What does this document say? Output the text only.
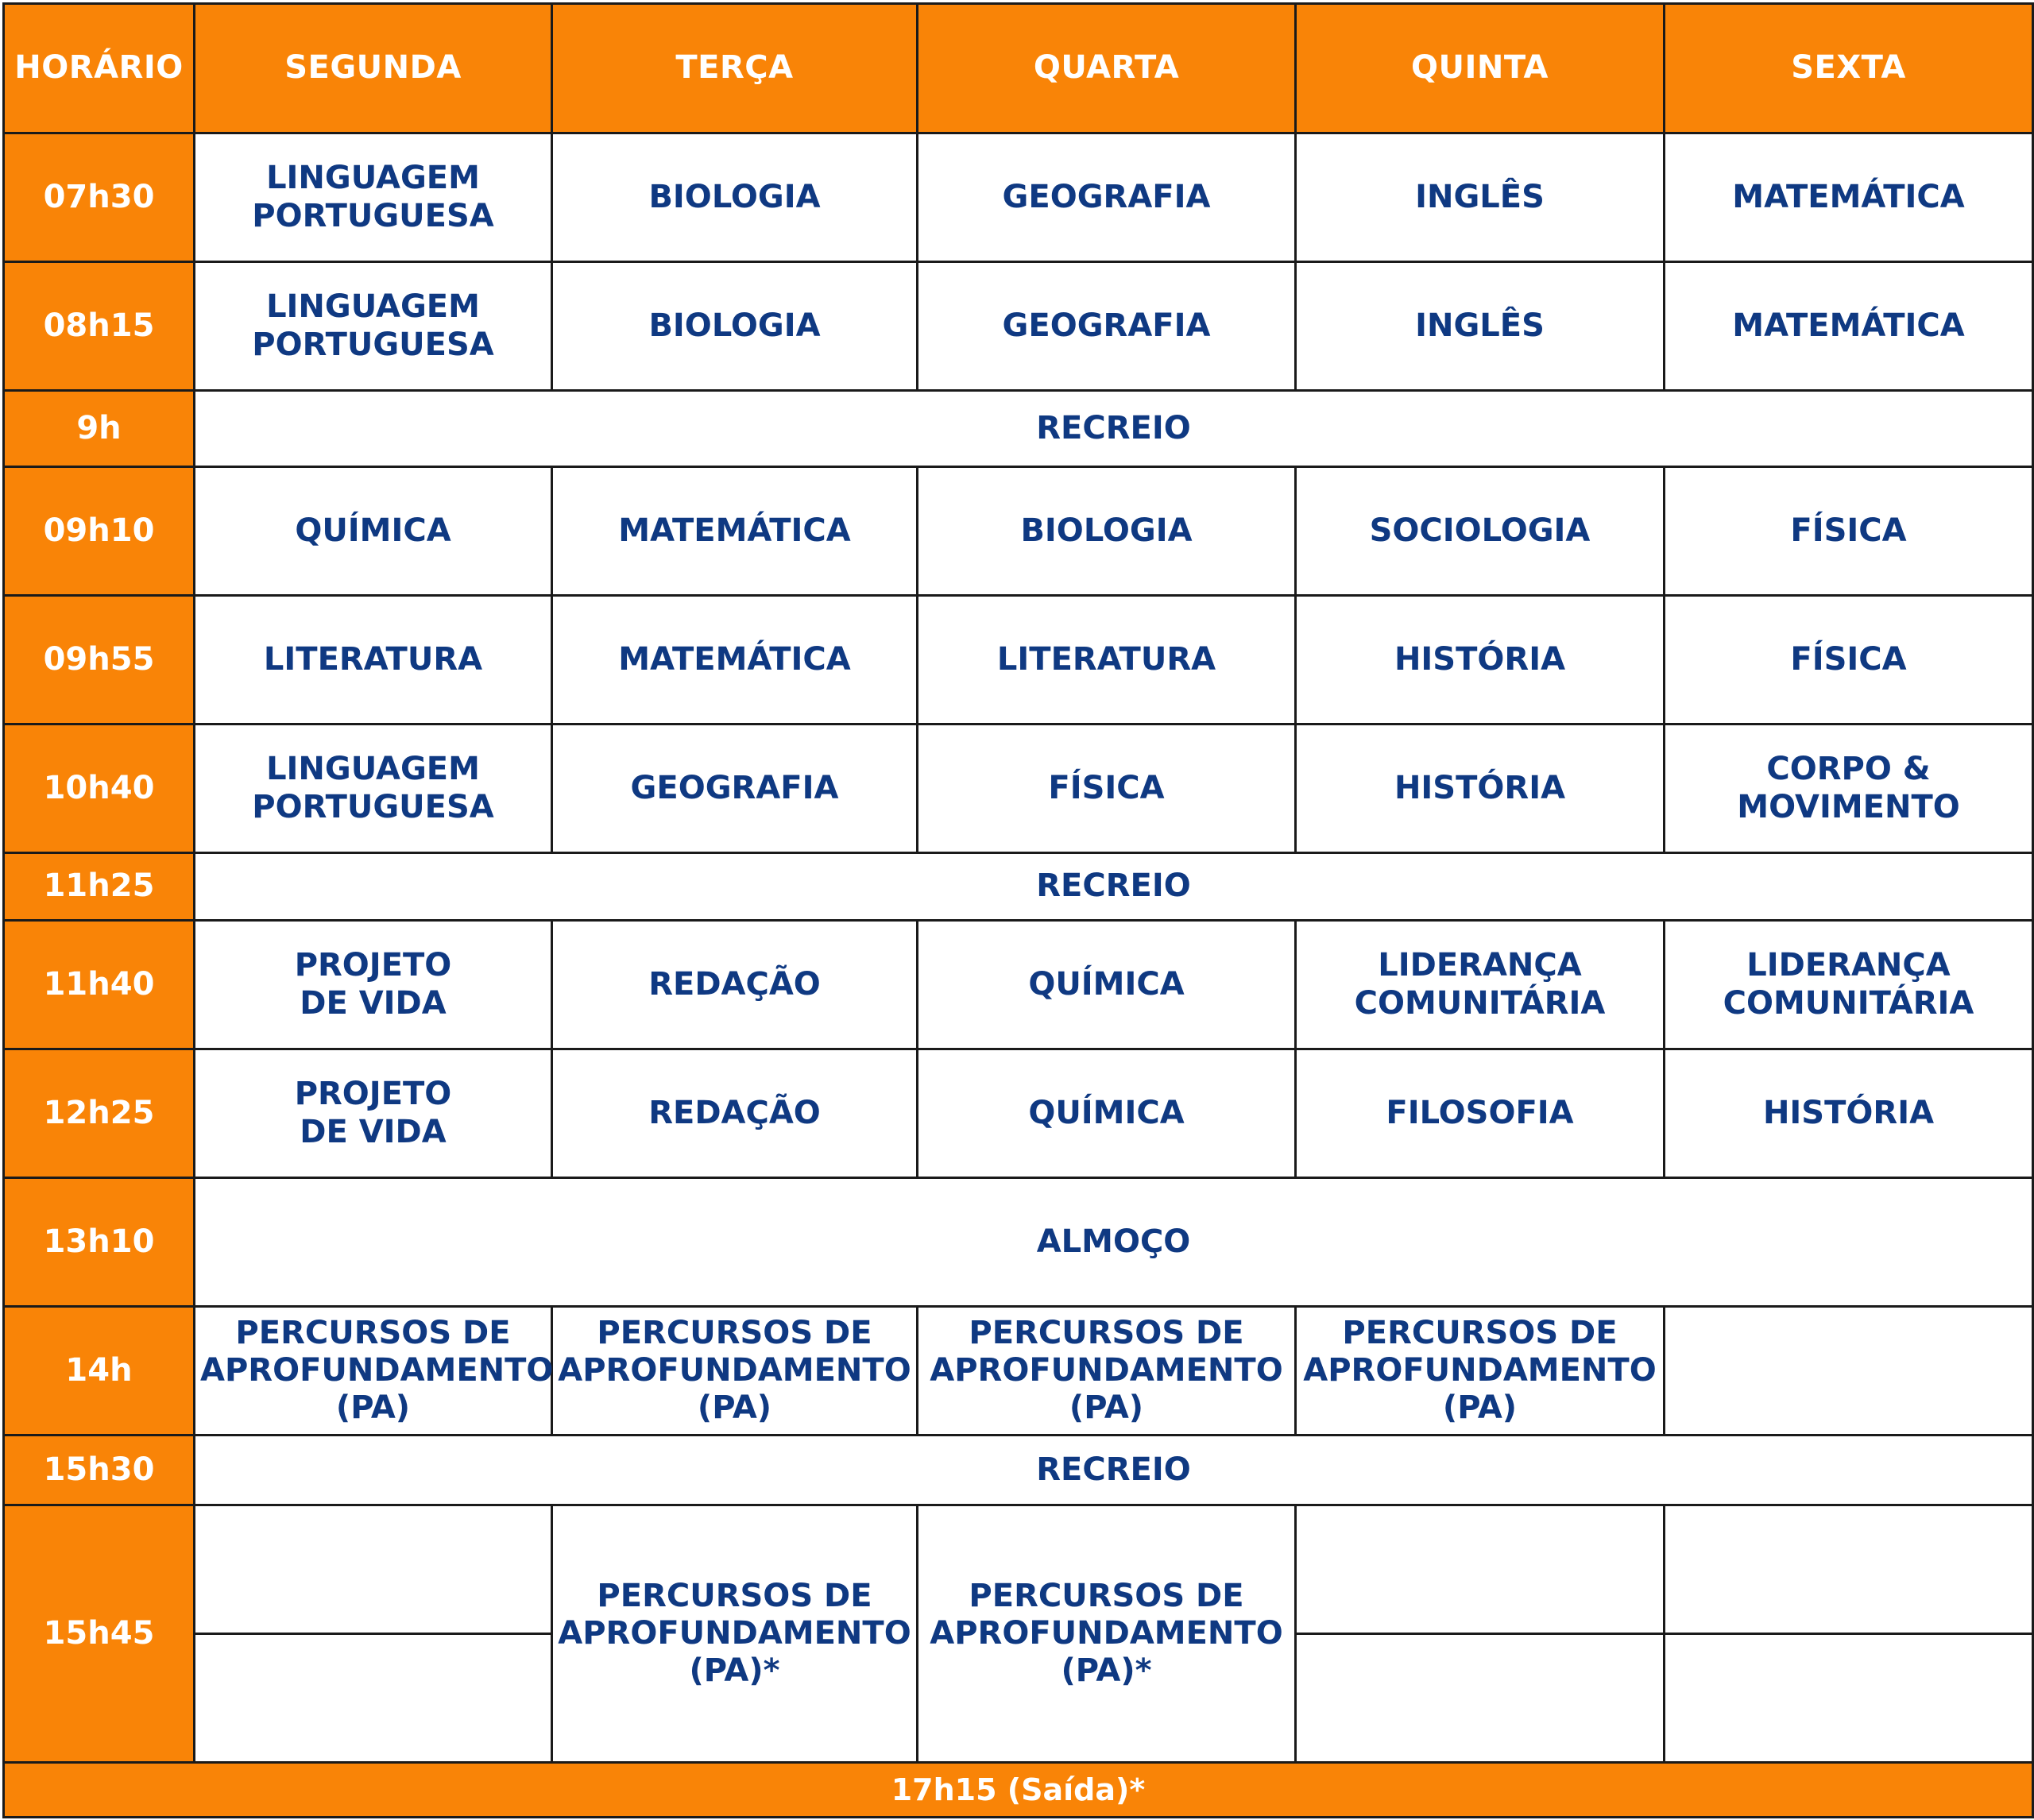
HORÁRIO	SEGUNDA	TERÇA	QUARTA	QUINTA	SEXTA
07h30	LINGUAGEM
PORTUGUESA	BIOLOGIA	GEOGRAFIA	INGLÊS	MATEMÁTICA
08h15	LINGUAGEM
PORTUGUESA	BIOLOGIA	GEOGRAFIA	INGLÊS	MATEMÁTICA
9h	RECREIO				
09h10	QUÍMICA	MATEMÁTICA	BIOLOGIA	SOCIOLOGIA	FÍSICA
09h55	LITERATURA	MATEMÁTICA	LITERATURA	HISTÓRIA	FÍSICA
10h40	LINGUAGEM
PORTUGUESA	GEOGRAFIA	FÍSICA	HISTÓRIA	CORPO &
MOVIMENTO
11h25	RECREIO				
11h40	PROJETO
DE VIDA	REDAÇÃO	QUÍMICA	LIDERANÇA
COMUNITÁRIA	LIDERANÇA
COMUNITÁRIA
12h25	PROJETO
DE VIDA	REDAÇÃO	QUÍMICA	FILOSOFIA	HISTÓRIA
13h10	ALMOÇO				
14h	PERCURSOS DE
APROFUNDAMENTO
(PA)	PERCURSOS DE
APROFUNDAMENTO
(PA)	PERCURSOS DE
APROFUNDAMENTO
(PA)	PERCURSOS DE
APROFUNDAMENTO
(PA)	
15h30	RECREIO				
15h45		PERCURSOS DE
APROFUNDAMENTO
(PA)*	PERCURSOS DE
APROFUNDAMENTO
(PA)*		

17h15 (Saída)*					
